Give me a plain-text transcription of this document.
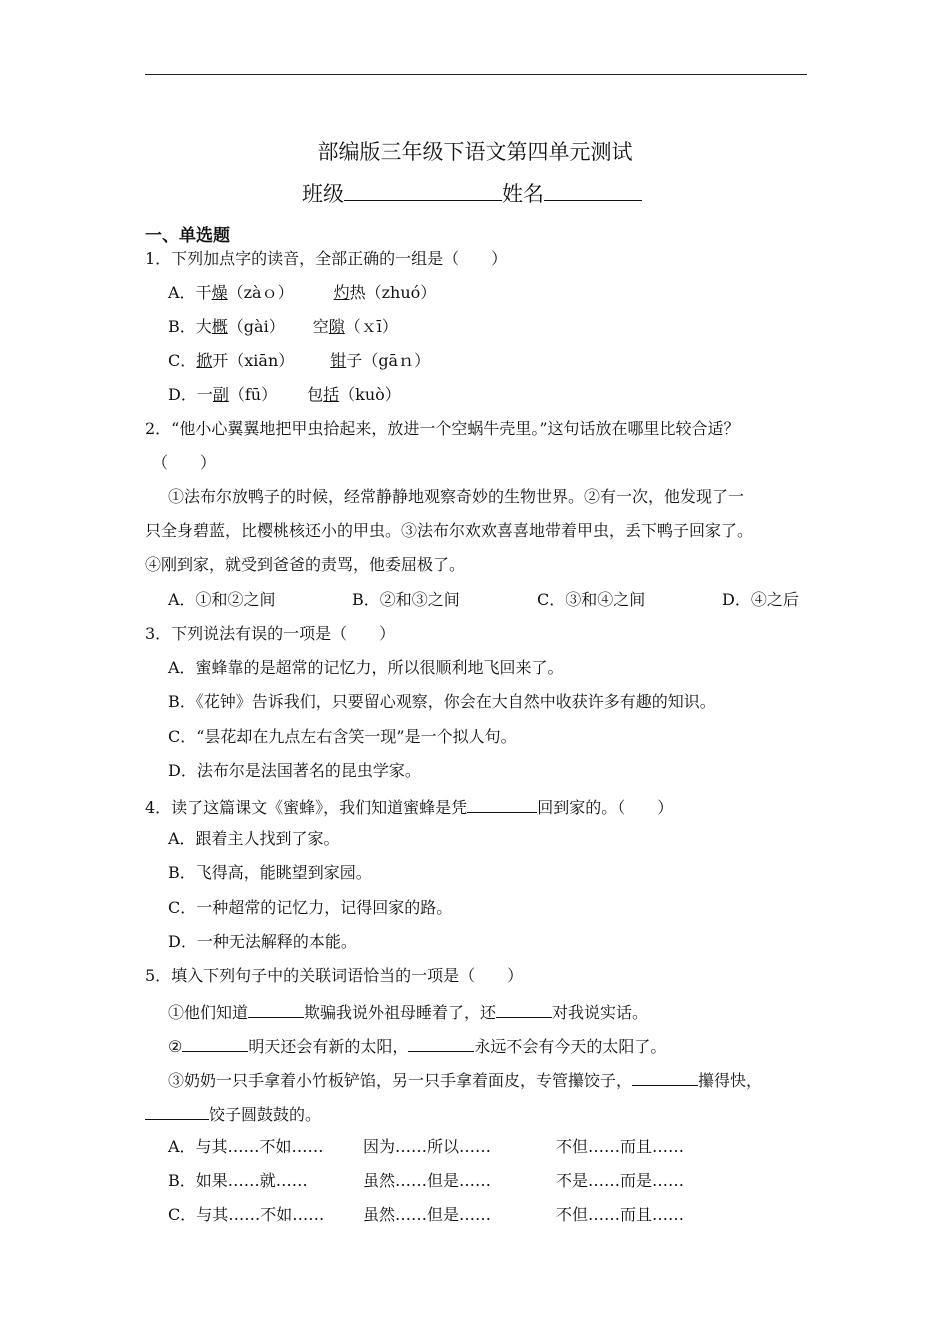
部编版三年级下语文第四单元测试
班级	姓名
一、单选题
1．下列加点字的读音，全部正确的一组是（　　）
A．干燥（zàｏ）	灼热（zhuó）
B．大概（gài） 空隙（ｘī）
C．掀开（xiān） 钳子（gāｎ）
D．一副（fū） 包括（kuò）
2．“他小心翼翼地把甲虫拾起来，放进一个空蜗牛壳里。”这句话放在哪里比较合适？
（　　）
①法布尔放鸭子的时候，经常静静地观察奇妙的生物世界。②有一次，他发现了一
只全身碧蓝，比樱桃核还小的甲虫。③法布尔欢欢喜喜地带着甲虫，丢下鸭子回家了。
④刚到家，就受到爸爸的责骂，他委屈极了。
A．①和②之间	B．②和③之间	C．③和④之间	D．④之后
3．下列说法有误的一项是（　　）
A．蜜蜂靠的是超常的记忆力，所以很顺利地飞回来了。
B．《花钟》告诉我们，只要留心观察，你会在大自然中收获许多有趣的知识。
C．“昙花却在九点左右含笑一现”是一个拟人句。
D．法布尔是法国著名的昆虫学家。
4．读了这篇课文《蜜蜂》，我们知道蜜蜂是凭	回到家的。（　　）
A．跟着主人找到了家。
B．飞得高，能眺望到家园。
C．一种超常的记忆力，记得回家的路。
D．一种无法解释的本能。
5．填入下列句子中的关联词语恰当的一项是（　　）
①他们知道	欺骗我说外祖母睡着了，还	对我说实话。
②	明天还会有新的太阳，	永远不会有今天的太阳了。
③奶奶一只手拿着小竹板铲馅，另一只手拿着面皮，专管攥饺子，	攥得快，
饺子圆鼓鼓的。
A．与其……不如…… 因为……所以……	不但……而且……
B．如果……就……	虽然……但是……	不是……而是……
C．与其……不如…… 虽然……但是……	不但……而且……
